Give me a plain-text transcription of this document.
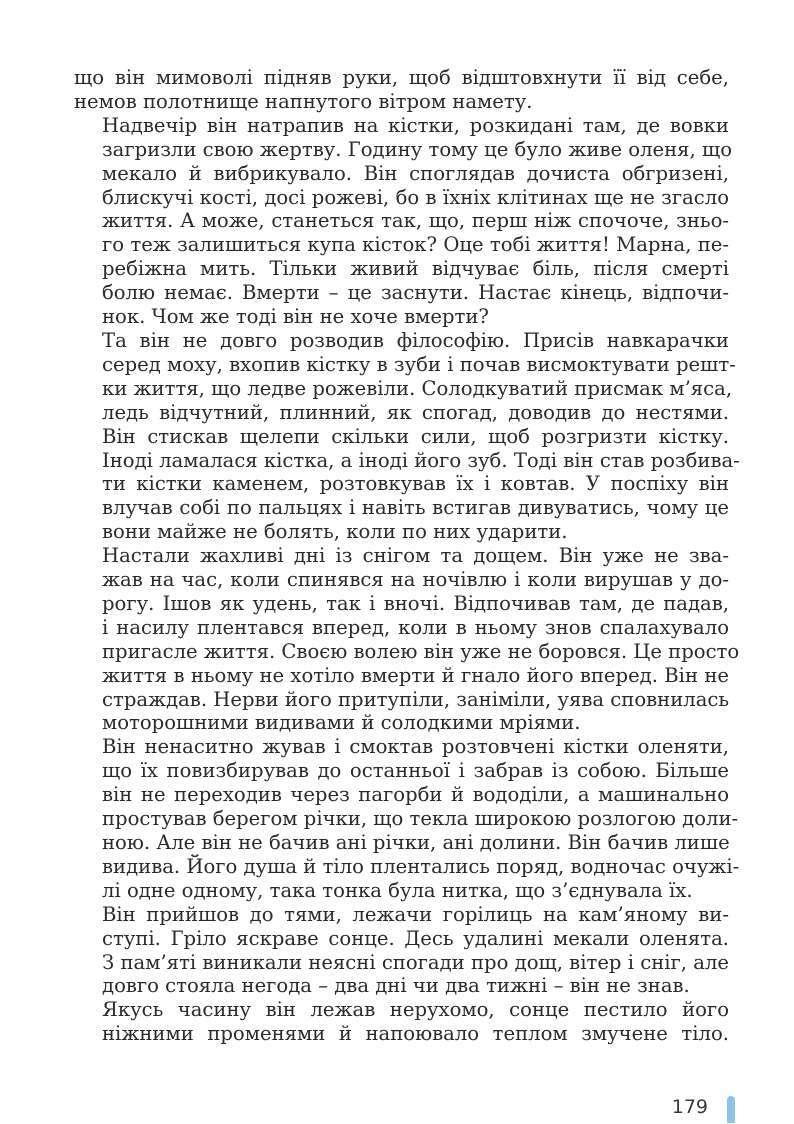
що він мимоволі підняв руки, щоб відштовхнути її від себе,
немов полотнище напнутого вітром намету.

Надвечір він натрапив на кістки, розкидані там, де вовки
загризли свою жертву. Годину тому це було живе оленя, що
мекало й вибрикувало. Він споглядав дочиста обгризені,
блискучі кості, досі рожеві, бо в їхніх клітинах ще не згасло
життя. А може, станеться так, що, перш ніж спочоче, зньо-
го теж залишиться купа кісток? Оце тобі життя! Марна, пе-
ребіжна мить. Тільки живий відчуває біль, після смерті
болю немає. Вмерти – це заснути. Настає кінець, відпочи-
нок. Чом же тоді він не хоче вмерти?

Та він не довго розводив філософію. Присів навкарачки
серед моху, вхопив кістку в зуби і почав висмоктувати решт-
ки життя, що ледве рожевіли. Солодкуватий присмак м’яса,
ледь відчутний, плинний, як спогад, доводив до нестями.
Він стискав щелепи скільки сили, щоб розгризти кістку.
Іноді ламалася кістка, а іноді його зуб. Тоді він став розбива-
ти кістки каменем, розтовкував їх і ковтав. У поспіху він
влучав собі по пальцях і навіть встигав дивуватись, чому це
вони майже не болять, коли по них ударити.

Настали жахливі дні із снігом та дощем. Він уже не зва-
жав на час, коли спинявся на ночівлю і коли вирушав у до-
рогу. Ішов як удень, так і вночі. Відпочивав там, де падав,
і насилу плентався вперед, коли в ньому знов спалахувало
пригасле життя. Своєю волею він уже не боровся. Це просто
життя в ньому не хотіло вмерти й гнало його вперед. Він не
страждав. Нерви його притупіли, заніміли, уява сповнилась
моторошними видивами й солодкими мріями.

Він ненаситно жував і смоктав розтовчені кістки оленяти,
що їх повизбирував до останньої і забрав із собою. Більше
він не переходив через пагорби й вододіли, а машинально
простував берегом річки, що текла широкою розлогою доли-
ною. Але він не бачив ані річки, ані долини. Він бачив лише
видива. Його душа й тіло плентались поряд, водночас очужі-
лі одне одному, така тонка була нитка, що з’єднувала їх.

Він прийшов до тями, лежачи горілиць на кам’яному ви-
ступі. Гріло яскраве сонце. Десь удалині мекали оленята.
З пам’яті виникали неясні спогади про дощ, вітер і сніг, але
довго стояла негода – два дні чи два тижні – він не знав.

Якусь часину він лежав нерухомо, сонце пестило його
ніжними променями й напоювало теплом змучене тіло.

179
